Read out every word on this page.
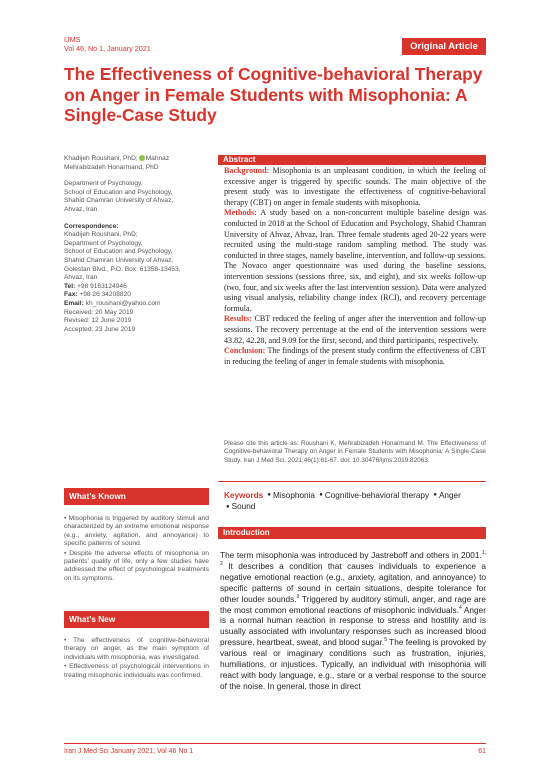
IJMS
Vol 46, No 1, January 2021	Original Article
The Effectiveness of Cognitive-behavioral Therapy on Anger in Female Students with Misophonia: A Single-Case Study

Khadijeh Roushani, PhD; Mahnaz

Mehrabizadeh Honarmand, PhD

Department of Psychology,

School of Education and Psychology,

Shahid Chamran University of Ahvaz,

Ahvaz, Iran

Correspondence:

Khadijeh Roushani, PhD;

Department of Psychology,

School of Education and Psychology,

Shahid Chamran University of Ahvaz,

Golestan Blvd., P.O. Box: 61358-13453,

Ahvaz, Iran

Tel: +98 9163124946

Fax: +98 26 34208820

Email: kh_roushani@yahoo.com

Received: 20 May 2019

Revised: 12 June 2019

Accepted: 23 June 2019

Abstract

Background: Misophonia is an unpleasant condition, in which the feeling of excessive anger is triggered by specific sounds. The main objective of the present study was to investigate the effectiveness of cognitive-behavioral therapy (CBT) on anger in female students with misophonia.

Methods: A study based on a non-concurrent multiple baseline design was conducted in 2018 at the School of Education and Psychology, Shahid Chamran University of Ahvaz, Ahvaz, Iran. Three female students aged 20-22 years were recruited using the multi-stage random sampling method. The study was conducted in three stages, namely baseline, intervention, and follow-up sessions. The Novaco anger questionnaire was used during the baseline sessions, intervention sessions (sessions three, six, and eight), and six weeks follow-up (two, four, and six weeks after the last intervention session). Data were analyzed using visual analysis, reliability change index (RCI), and recovery percentage formula.

Results: CBT reduced the feeling of anger after the intervention and follow-up sessions. The recovery percentage at the end of the intervention sessions were 43.82, 42.28, and 9.09 for the first, second, and third participants, respectively.

Conclusion: The findings of the present study confirm the effectiveness of CBT in reducing the feeling of anger in female students with misophonia.

Please cite this article as: Roushani K, Mehrabizadeh Honarmand M. The Effectiveness of Cognitive-behavioral Therapy on Anger in Female Students with Misophonia: A Single-Case Study. Iran J Med Sci. 2021;46(1):61-67. doi: 10.30476/ijms.2019.82063.
Keywords ● Misophonia ● Cognitive-behavioral therapy ● Anger ● Sound
What’s Known

• Misophonia is triggered by auditory stimuli and characterized by an extreme emotional response (e.g., anxiety, agitation, and annoyance) to specific patterns of sound.

• Despite the adverse effects of misophonia on patients’ quality of life, only a few studies have addressed the effect of psychological treatments on its symptoms.

What’s New

• The effectiveness of cognitive-behavioral therapy on anger, as the main symptom of individuals with misophonia, was investigated.

• Effectiveness of psychological interventions in treating misophonic individuals was confirmed.

Introduction
The term misophonia was introduced by Jastreboff and others in 2001.$^{1, 2}$ It describes a condition that causes individuals to experience a negative emotional reaction (e.g., anxiety, agitation, and annoyance) to specific patterns of sound in certain situations, despite tolerance for other louder sounds.$^3$ Triggered by auditory stimuli, anger, and rage are the most common emotional reactions of misophonic individuals.$^4$ Anger is a normal human reaction in response to stress and hostility and is usually associated with involuntary responses such as increased blood pressure, heartbeat, sweat, and blood sugar.$^5$ The feeling is provoked by various real or imaginary conditions such as frustration, injuries, humiliations, or injustices. Typically, an individual with misophonia will react with body language, e.g., stare or a verbal response to the source of the noise. In general, those in direct
Iran J Med Sci January 2021; Vol 46 No 1	61
